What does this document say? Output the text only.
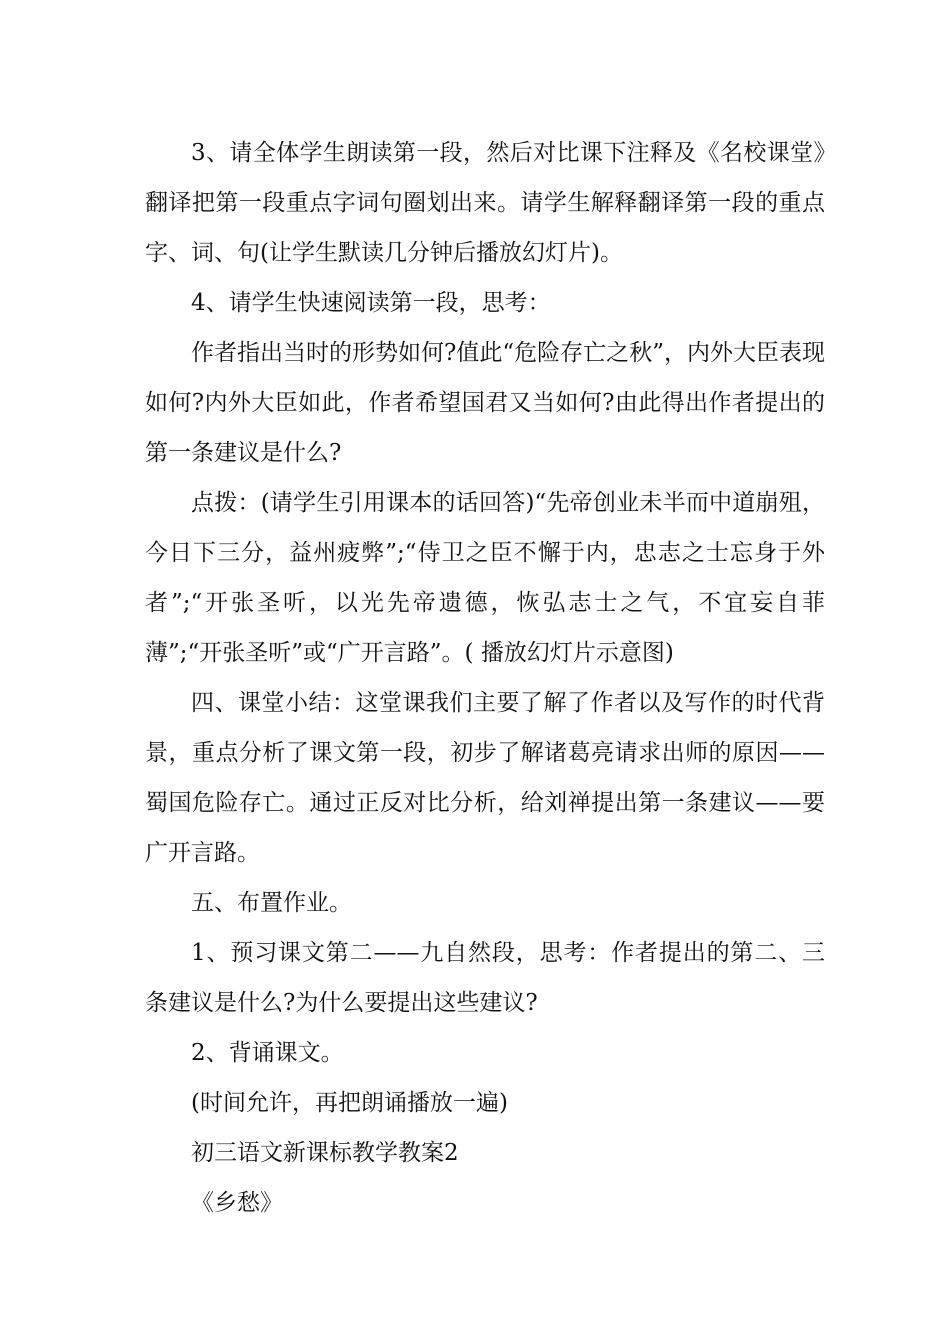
3、请全体学生朗读第一段，然后对比课下注释及《名校课堂》翻译把第一段重点字词句圈划出来。请学生解释翻译第一段的重点字、词、句(让学生默读几分钟后播放幻灯片)。

4、请学生快速阅读第一段，思考：

作者指出当时的形势如何?值此“危险存亡之秋”，内外大臣表现如何?内外大臣如此，作者希望国君又当如何?由此得出作者提出的第一条建议是什么?

点拨：(请学生引用课本的话回答)“先帝创业未半而中道崩殂，今日下三分，益州疲弊”;“侍卫之臣不懈于内，忠志之士忘身于外者”;“开张圣听，以光先帝遗德，恢弘志士之气，不宜妄自菲薄”;“开张圣听”或“广开言路”。( 播放幻灯片示意图)

四、课堂小结：这堂课我们主要了解了作者以及写作的时代背景，重点分析了课文第一段，初步了解诸葛亮请求出师的原因——蜀国危险存亡。通过正反对比分析，给刘禅提出第一条建议——要广开言路。

五、布置作业。

1、预习课文第二——九自然段，思考：作者提出的第二、三条建议是什么?为什么要提出这些建议?

2、背诵课文。

(时间允许，再把朗诵播放一遍)

初三语文新课标教学教案2

《乡愁》
